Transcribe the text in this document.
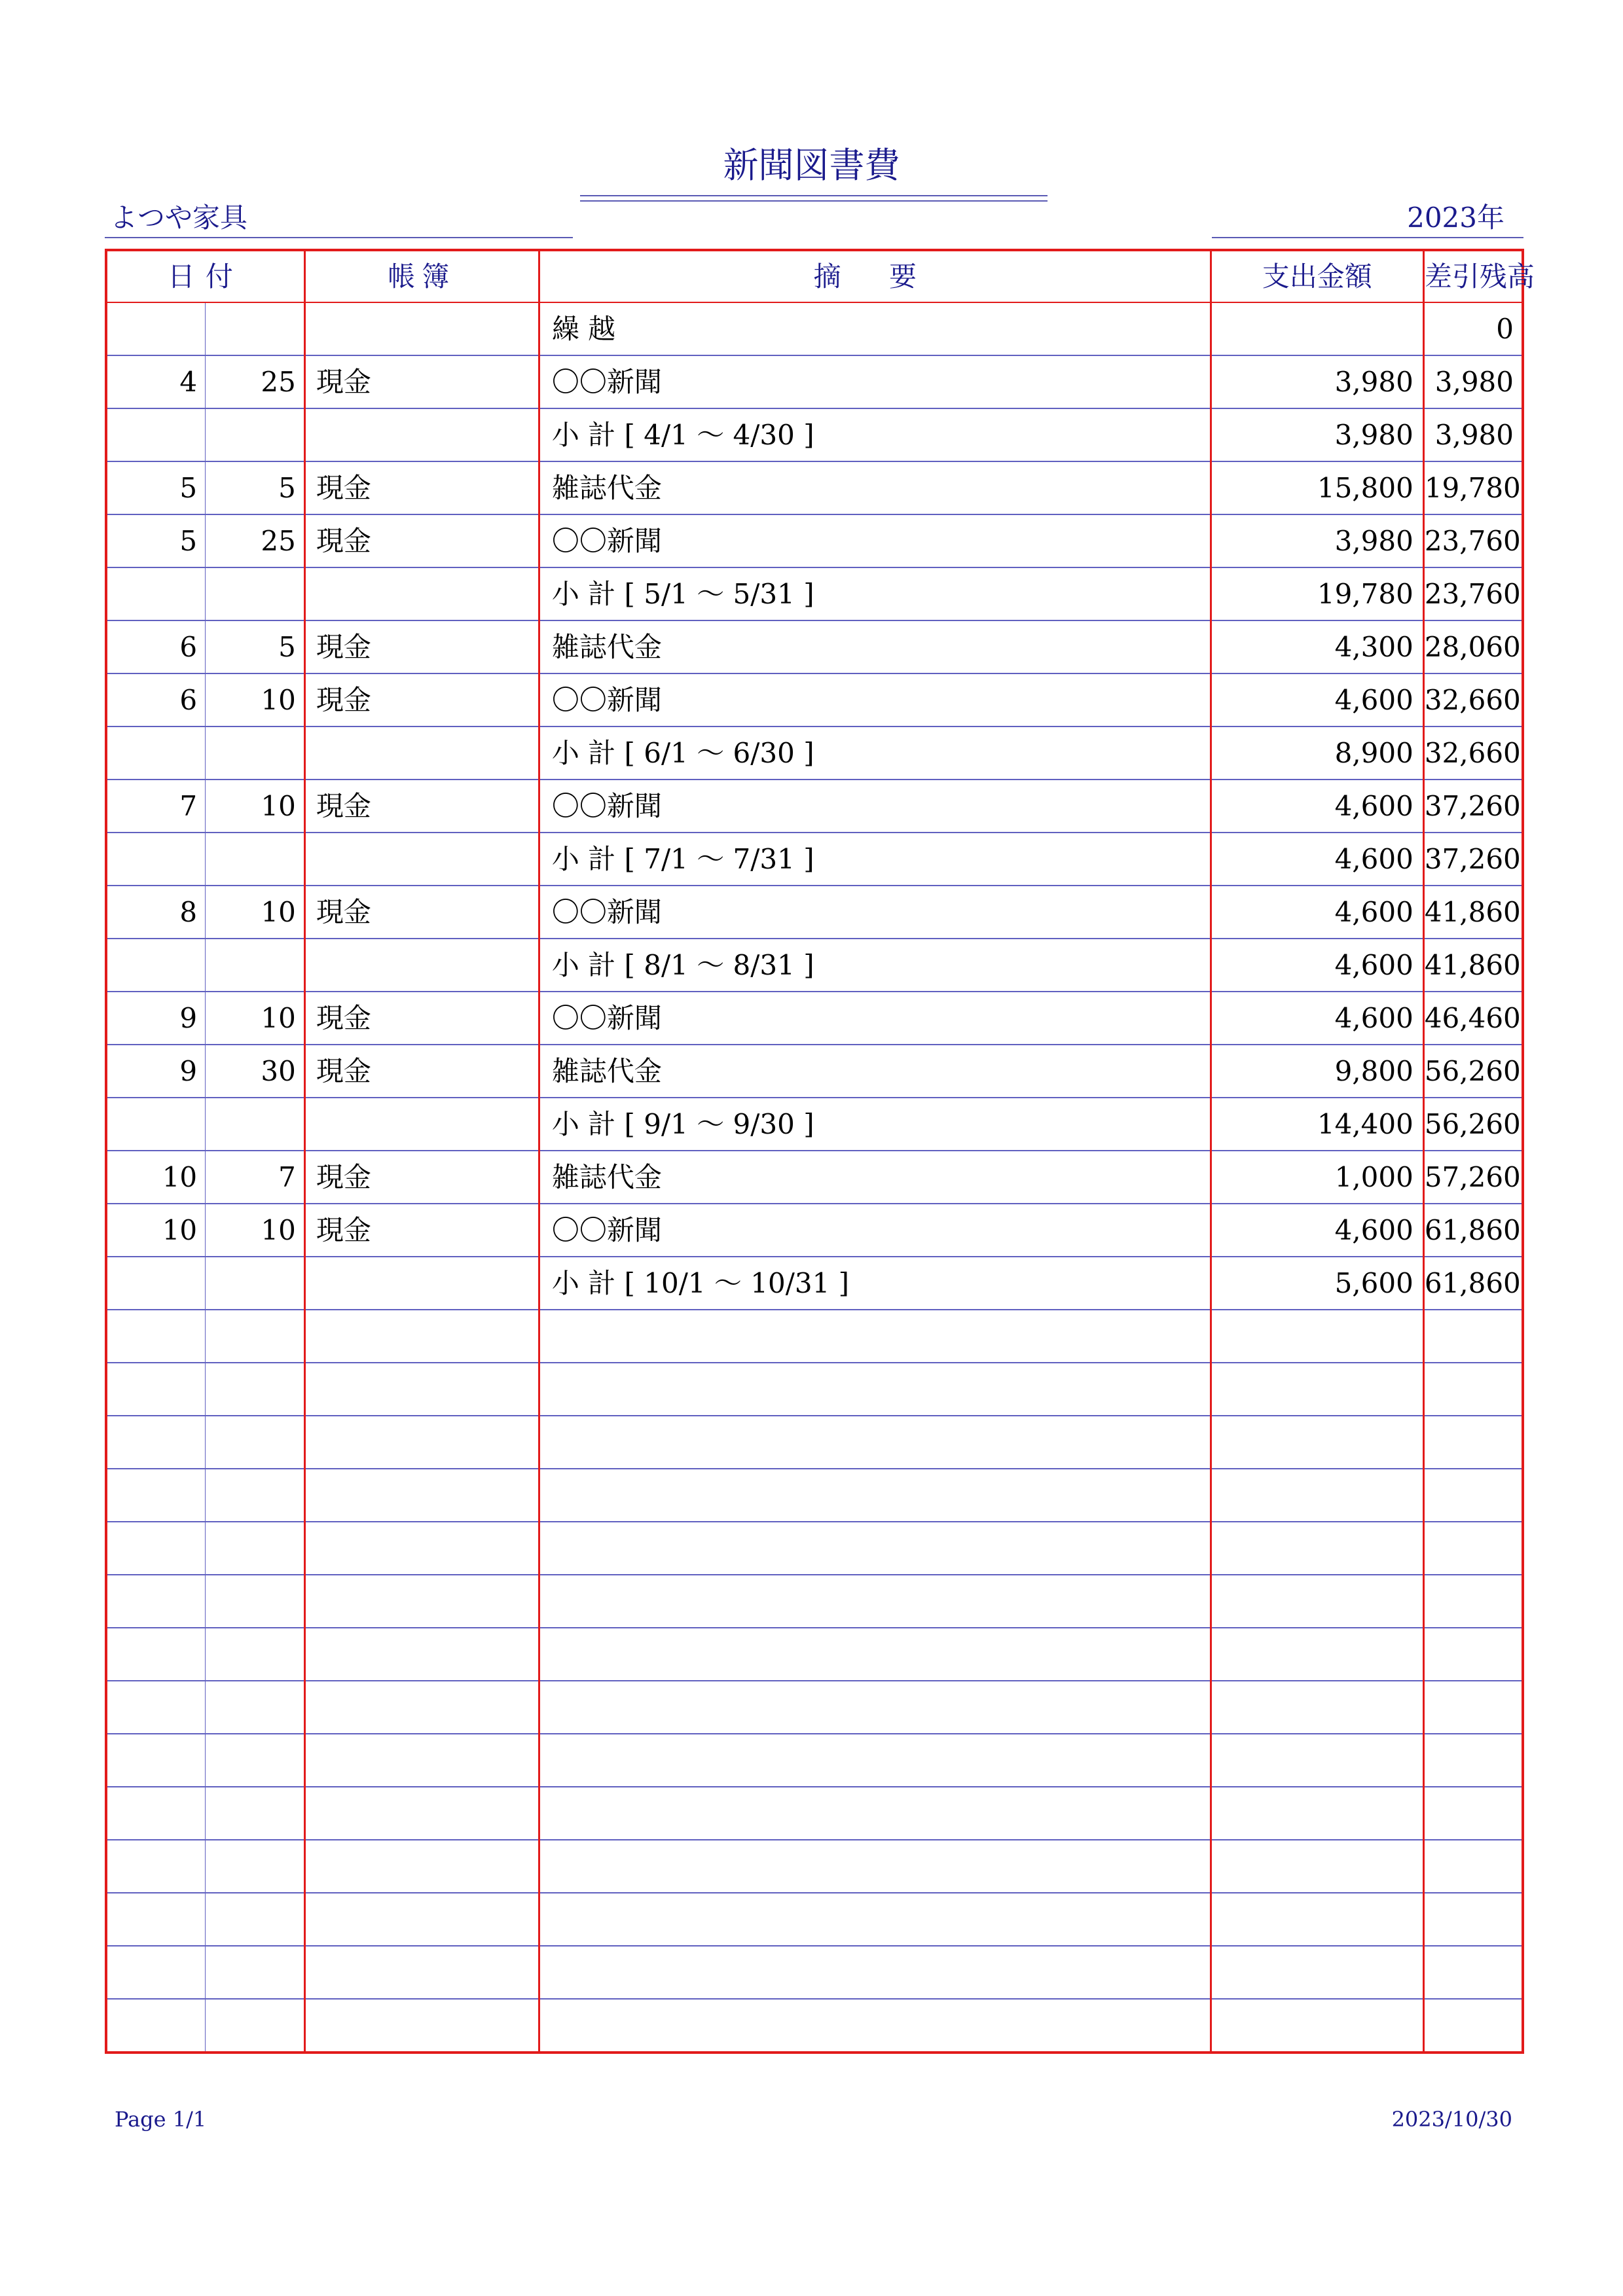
新聞図書費
よつや家具	2023年
日付		帳簿	摘 要	支出金額	差引残高
			繰 越		0
4	25	現金	〇〇新聞	3,980	3,980
			小 計 [ 4/1 〜 4/30 ]	3,980	3,980
5	5	現金	雑誌代金	15,800	19,780
5	25	現金	〇〇新聞	3,980	23,760
			小 計 [ 5/1 〜 5/31 ]	19,780	23,760
6	5	現金	雑誌代金	4,300	28,060
6	10	現金	〇〇新聞	4,600	32,660
			小 計 [ 6/1 〜 6/30 ]	8,900	32,660
7	10	現金	〇〇新聞	4,600	37,260
			小 計 [ 7/1 〜 7/31 ]	4,600	37,260
8	10	現金	〇〇新聞	4,600	41,860
			小 計 [ 8/1 〜 8/31 ]	4,600	41,860
9	10	現金	〇〇新聞	4,600	46,460
9	30	現金	雑誌代金	9,800	56,260
			小 計 [ 9/1 〜 9/30 ]	14,400	56,260
10	7	現金	雑誌代金	1,000	57,260
10	10	現金	〇〇新聞	4,600	61,860
			小 計 [ 10/1 〜 10/31 ]	5,600	61,860

Page 1/1	2023/10/30
